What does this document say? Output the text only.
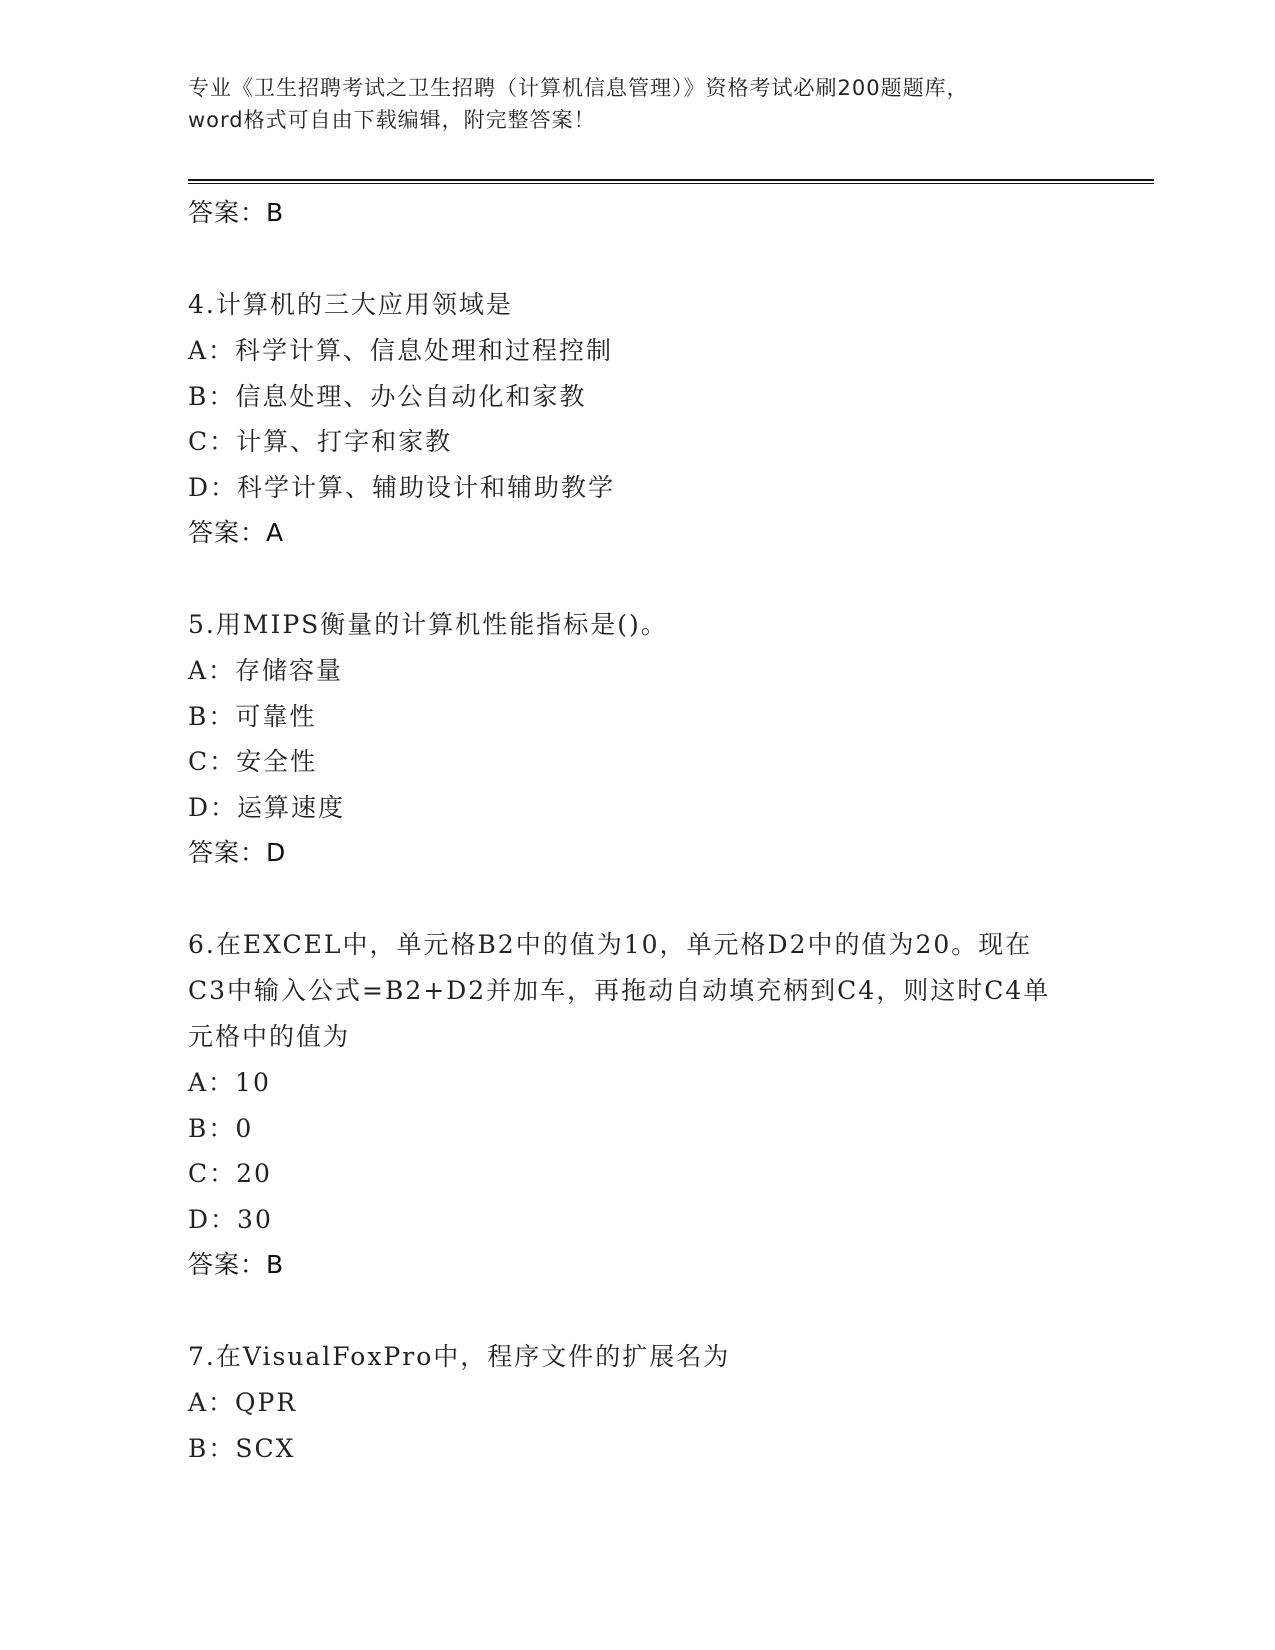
专业《卫生招聘考试之卫生招聘（计算机信息管理）》资格考试必刷200题题库，
word格式可自由下载编辑，附完整答案！
答案：B
4.计算机的三大应用领域是
A：科学计算、信息处理和过程控制
B：信息处理、办公自动化和家教
C：计算、打字和家教
D：科学计算、辅助设计和辅助教学
答案：A
5.用MIPS衡量的计算机性能指标是()。
A：存储容量
B：可靠性
C：安全性
D：运算速度
答案：D
6.在EXCEL中，单元格B2中的值为10，单元格D2中的值为20。现在
C3中输入公式=B2+D2并加车，再拖动自动填充柄到C4，则这时C4单
元格中的值为
A：10
B：0
C：20
D：30
答案：B
7.在VisualFoxPro中，程序文件的扩展名为
A：QPR
B：SCX
